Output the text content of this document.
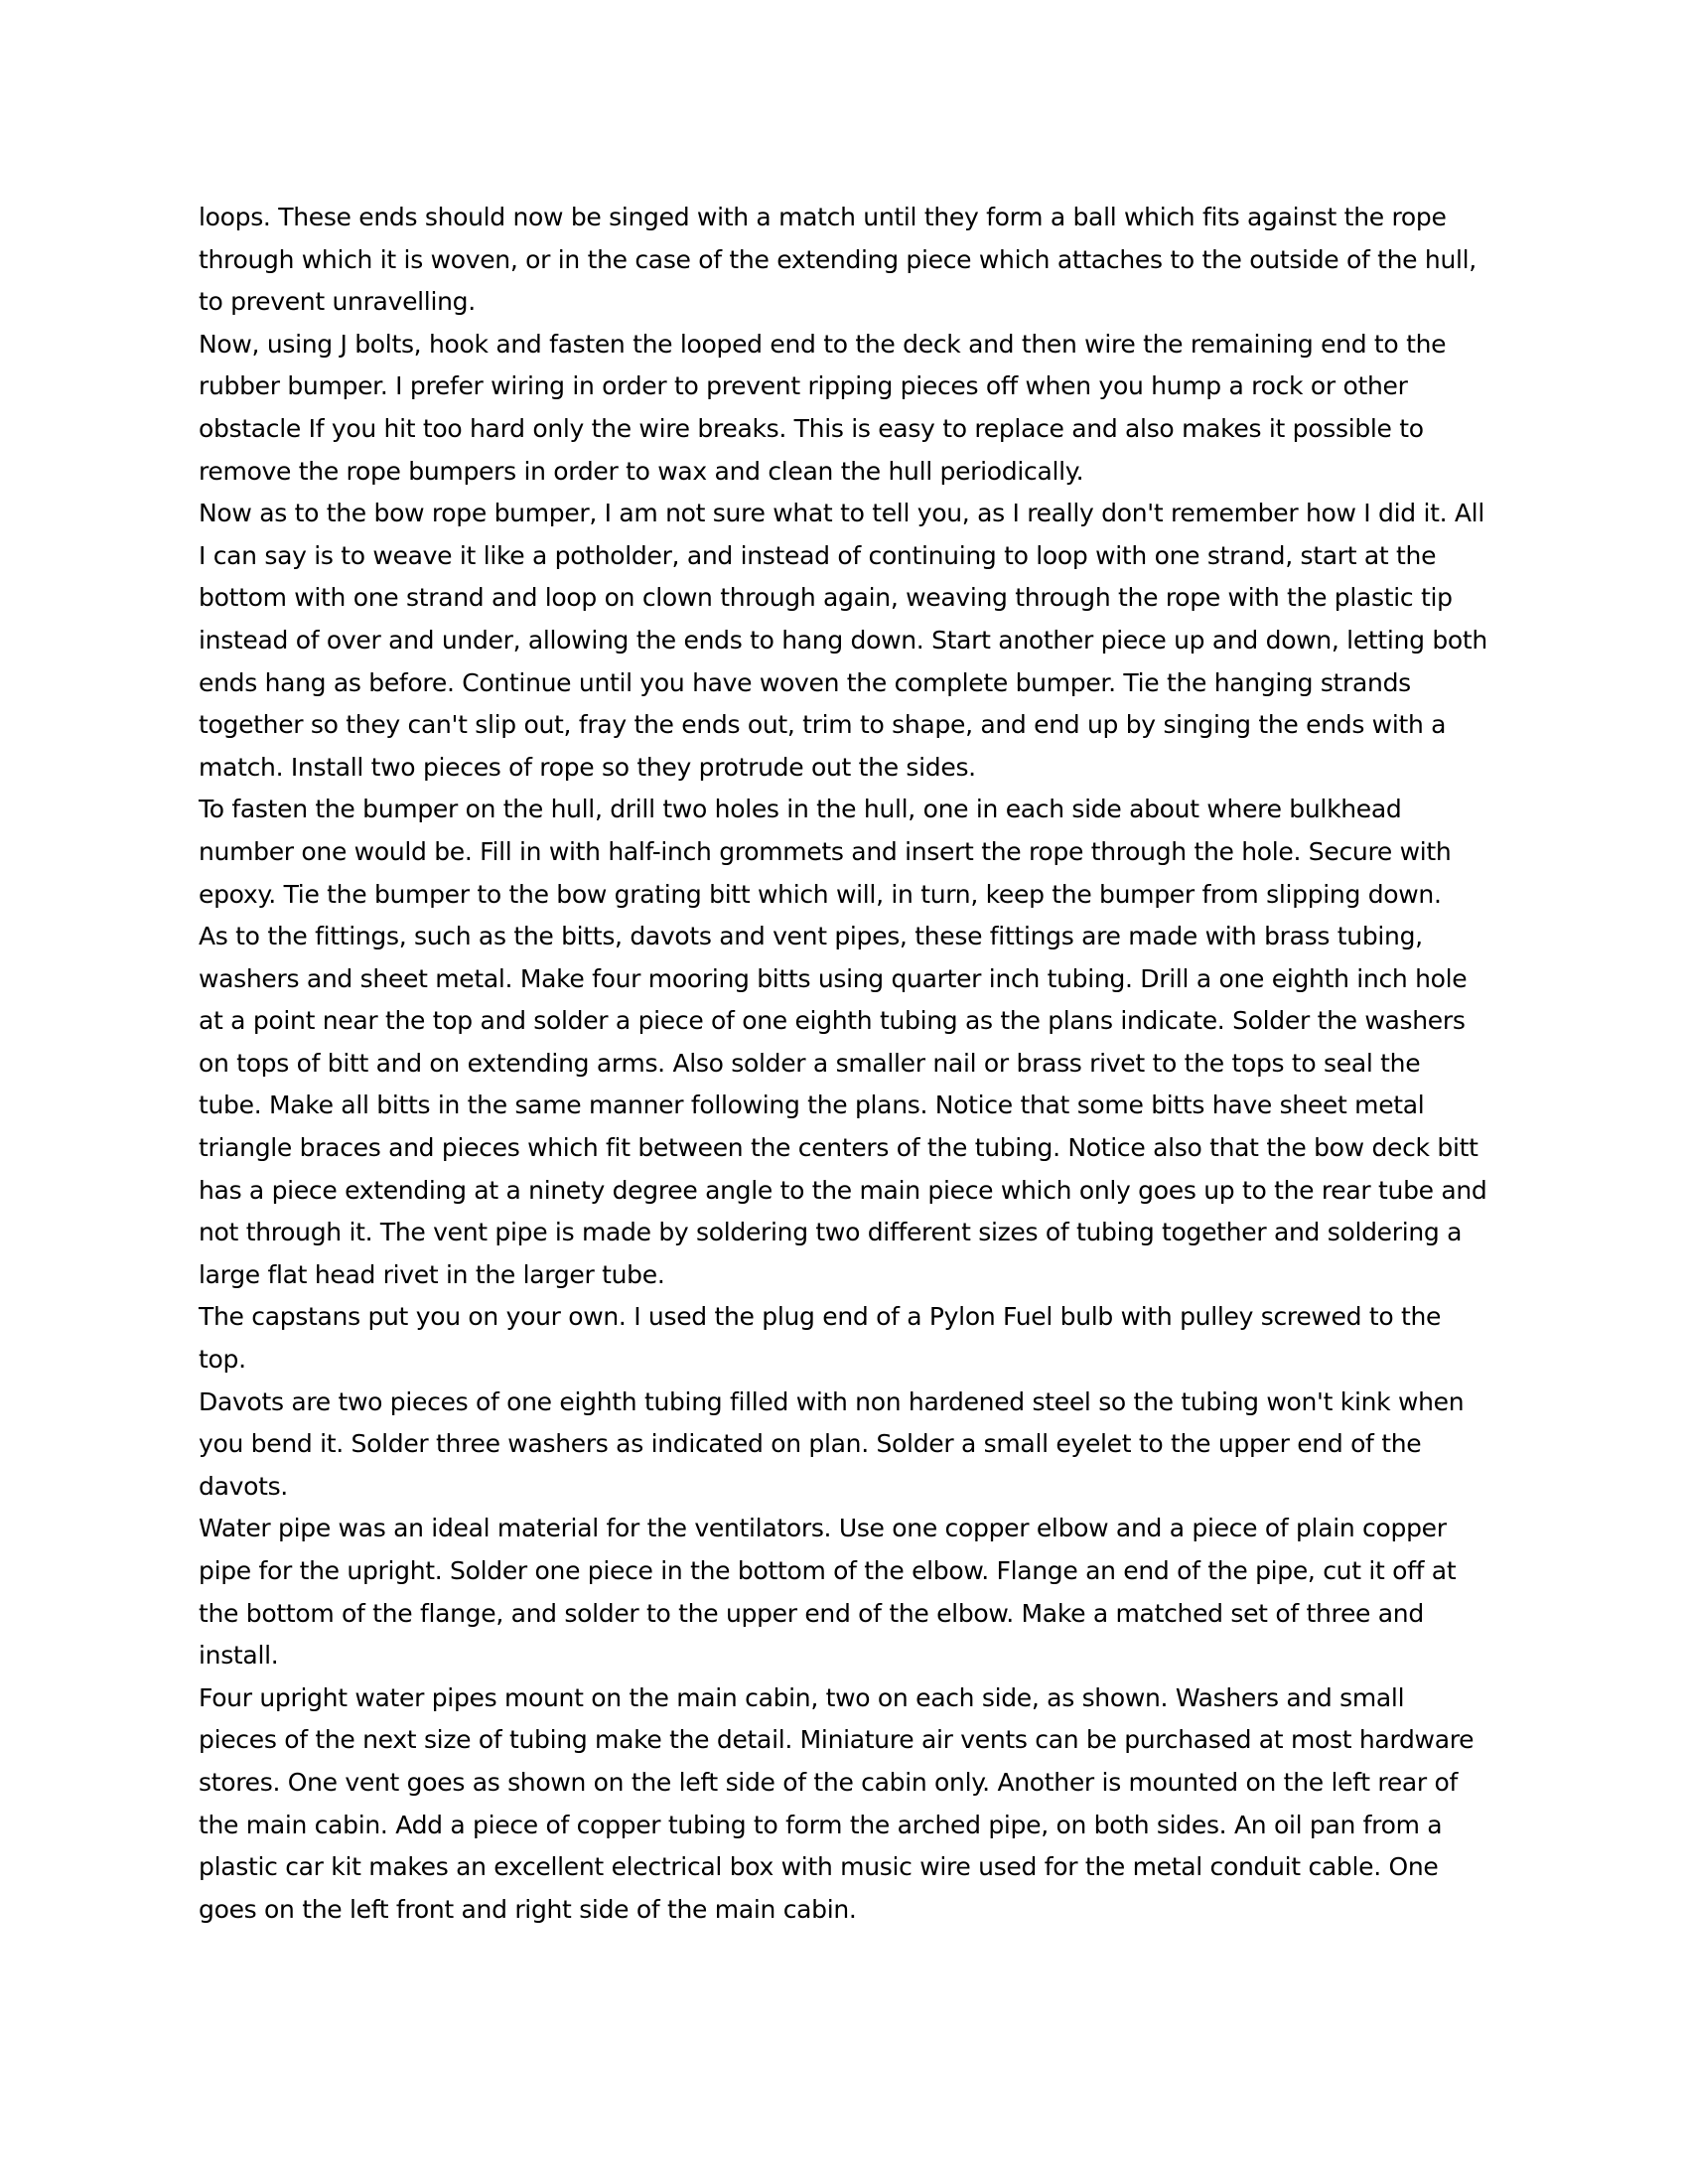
loops. These ends should now be singed with a match until they form a ball which fits against the rope through which it is woven, or in the case of the extending piece which attaches to the outside of the hull, to prevent unravelling.

Now, using J bolts, hook and fasten the looped end to the deck and then wire the remaining end to the rubber bumper. I prefer wiring in order to prevent ripping pieces off when you hump a rock or other obstacle If you hit too hard only the wire breaks. This is easy to replace and also makes it possible to remove the rope bumpers in order to wax and clean the hull periodically.

Now as to the bow rope bumper, I am not sure what to tell you, as I really don't remember how I did it. All I can say is to weave it like a potholder, and instead of continuing to loop with one strand, start at the bottom with one strand and loop on clown through again, weaving through the rope with the plastic tip instead of over and under, allowing the ends to hang down. Start another piece up and down, letting both ends hang as before. Continue until you have woven the complete bumper. Tie the hanging strands together so they can't slip out, fray the ends out, trim to shape, and end up by singing the ends with a match. Install two pieces of rope so they protrude out the sides.

To fasten the bumper on the hull, drill two holes in the hull, one in each side about where bulkhead number one would be. Fill in with half-inch grommets and insert the rope through the hole. Secure with epoxy. Tie the bumper to the bow grating bitt which will, in turn, keep the bumper from slipping down.

As to the fittings, such as the bitts, davots and vent pipes, these fittings are made with brass tubing, washers and sheet metal. Make four mooring bitts using quarter inch tubing. Drill a one eighth inch hole at a point near the top and solder a piece of one eighth tubing as the plans indicate. Solder the washers on tops of bitt and on extending arms. Also solder a smaller nail or brass rivet to the tops to seal the tube. Make all bitts in the same manner following the plans. Notice that some bitts have sheet metal triangle braces and pieces which fit between the centers of the tubing. Notice also that the bow deck bitt has a piece extending at a ninety degree angle to the main piece which only goes up to the rear tube and not through it. The vent pipe is made by soldering two different sizes of tubing together and soldering a large flat head rivet in the larger tube.

The capstans put you on your own. I used the plug end of a Pylon Fuel bulb with pulley screwed to the top.

Davots are two pieces of one eighth tubing filled with non hardened steel so the tubing won't kink when you bend it. Solder three washers as indicated on plan. Solder a small eyelet to the upper end of the davots.

Water pipe was an ideal material for the ventilators. Use one copper elbow and a piece of plain copper pipe for the upright. Solder one piece in the bottom of the elbow. Flange an end of the pipe, cut it off at the bottom of the flange, and solder to the upper end of the elbow. Make a matched set of three and install.

Four upright water pipes mount on the main cabin, two on each side, as shown. Washers and small pieces of the next size of tubing make the detail. Miniature air vents can be purchased at most hardware stores. One vent goes as shown on the left side of the cabin only. Another is mounted on the left rear of the main cabin. Add a piece of copper tubing to form the arched pipe, on both sides. An oil pan from a plastic car kit makes an excellent electrical box with music wire used for the metal conduit cable. One goes on the left front and right side of the main cabin.
